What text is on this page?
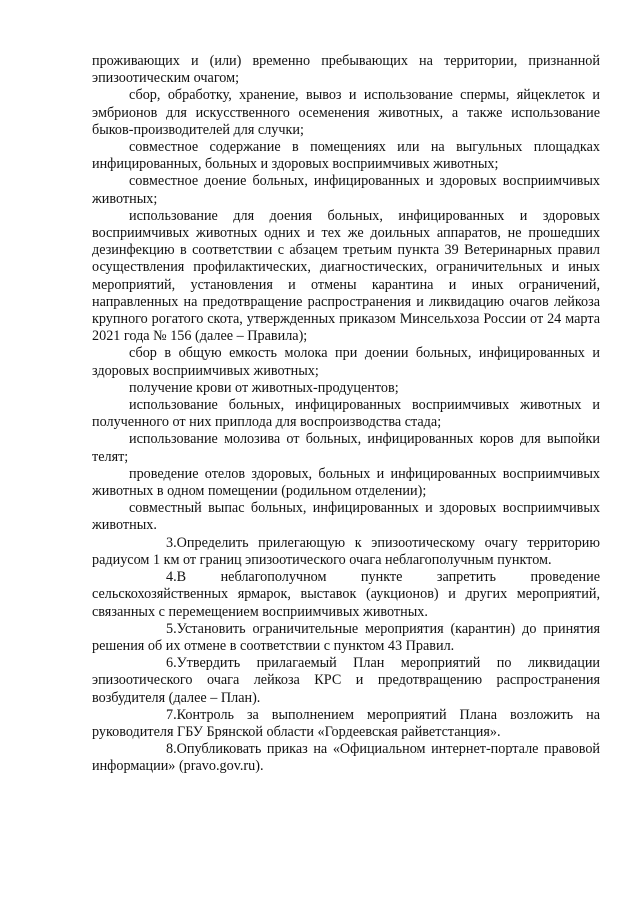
проживающих и (или) временно пребывающих на территории, признанной эпизоотическим очагом;

сбор, обработку, хранение, вывоз и использование спермы, яйцеклеток и эмбрионов для искусственного осеменения животных, а также использование быков-производителей для случки;

совместное содержание в помещениях или на выгульных площадках инфицированных, больных и здоровых восприимчивых животных;

совместное доение больных, инфицированных и здоровых восприимчивых животных;

использование для доения больных, инфицированных и здоровых восприимчивых животных одних и тех же доильных аппаратов, не прошедших дезинфекцию в соответствии с абзацем третьим пункта 39 Ветеринарных правил осуществления профилактических, диагностических, ограничительных и иных мероприятий, установления и отмены карантина и иных ограничений, направленных на предотвращение распространения и ликвидацию очагов лейкоза крупного рогатого скота, утвержденных приказом Минсельхоза России от 24 марта 2021 года № 156 (далее – Правила);

сбор в общую емкость молока при доении больных, инфицированных и здоровых восприимчивых животных;

получение крови от животных-продуцентов;

использование больных, инфицированных восприимчивых животных и полученного от них приплода для воспроизводства стада;

использование молозива от больных, инфицированных коров для выпойки телят;

проведение отелов здоровых, больных и инфицированных восприимчивых животных в одном помещении (родильном отделении);

совместный выпас больных, инфицированных и здоровых восприимчивых животных.

3.Определить прилегающую к эпизоотическому очагу территорию радиусом 1 км от границ эпизоотического очага неблагополучным пунктом.

4.В неблагополучном пункте запретить проведение сельскохозяйственных ярмарок, выставок (аукционов) и других мероприятий, связанных с перемещением восприимчивых животных.

5.Установить ограничительные мероприятия (карантин) до принятия решения об их отмене в соответствии с пунктом 43 Правил.

6.Утвердить прилагаемый План мероприятий по ликвидации эпизоотического очага лейкоза КРС и предотвращению распространения возбудителя (далее – План).

7.Контроль за выполнением мероприятий Плана возложить на руководителя ГБУ Брянской области «Гордеевская райветстанция».

8.Опубликовать приказ на «Официальном интернет-портале правовой информации» (pravo.gov.ru).
